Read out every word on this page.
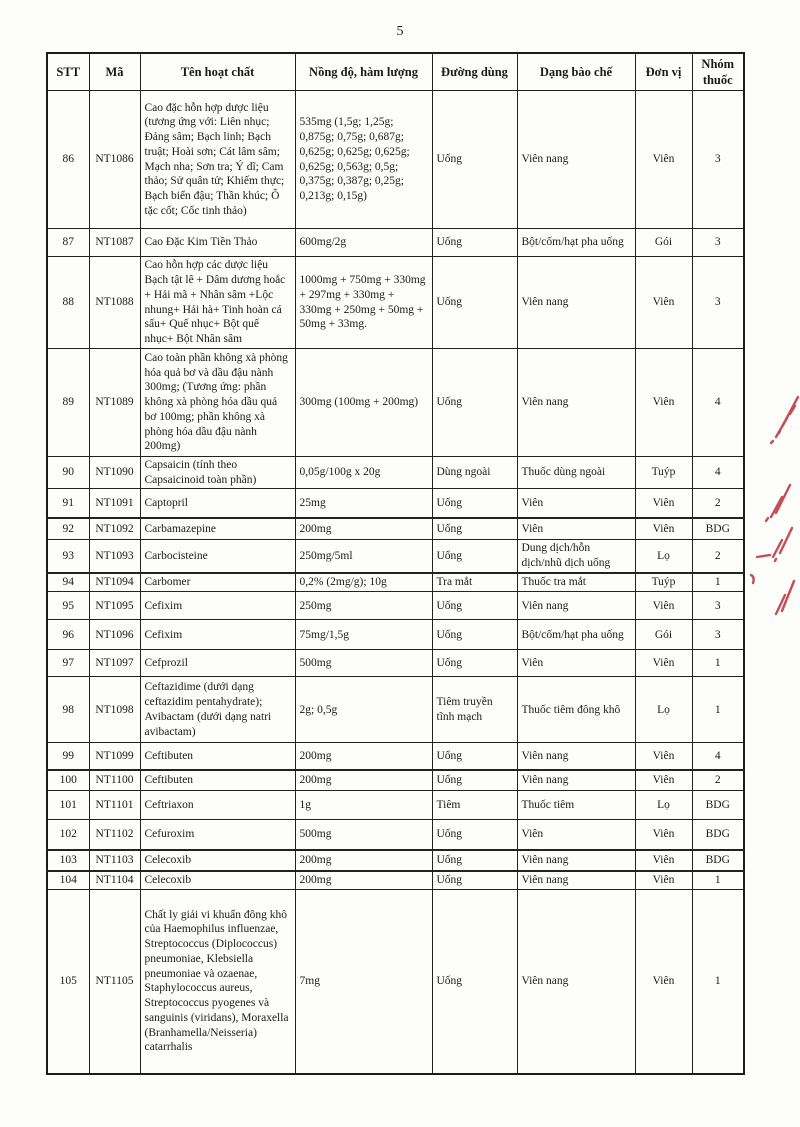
5
STT	Mã	Tên hoạt chất	Nồng độ, hàm lượng	Đường dùng	Dạng bào chế	Đơn vị	Nhóm thuốc
86	NT1086	Cao đặc hỗn hợp dược liệu (tương ứng với: Liên nhục; Đảng sâm; Bạch linh; Bạch truật; Hoài sơn; Cát lâm sâm; Mạch nha; Sơn tra; Ý dĩ; Cam thảo; Sử quân tử; Khiếm thực; Bạch biển đậu; Thần khúc; Ô tặc cốt; Cốc tinh thảo)	535mg (1,5g; 1,25g; 0,875g; 0,75g; 0,687g; 0,625g; 0,625g; 0,625g; 0,625g; 0,563g; 0,5g; 0,375g; 0,387g; 0,25g; 0,213g; 0,15g)	Uống	Viên nang	Viên	3
87	NT1087	Cao Đặc Kim Tiền Thảo	600mg/2g	Uống	Bột/cốm/hạt pha uống	Gói	3
88	NT1088	Cao hỗn hợp các dược liệu Bạch tật lê + Dâm dương hoắc + Hải mã + Nhân sâm +Lộc nhung+ Hải hà+ Tinh hoàn cá sấu+ Quế nhục+ Bột quế nhục+ Bột Nhân sâm	1000mg + 750mg + 330mg + 297mg + 330mg + 330mg + 250mg + 50mg + 50mg + 33mg.	Uống	Viên nang	Viên	3
89	NT1089	Cao toàn phần không xà phòng hóa quả bơ và dầu đậu nành 300mg; (Tương ứng: phần không xà phòng hóa dầu quả bơ 100mg; phần không xà phòng hóa dầu đậu nành 200mg)	300mg (100mg + 200mg)	Uống	Viên nang	Viên	4
90	NT1090	Capsaicin (tính theo Capsaicinoid toàn phần)	0,05g/100g x 20g	Dùng ngoài	Thuốc dùng ngoài	Tuýp	4
91	NT1091	Captopril	25mg	Uống	Viên	Viên	2
92	NT1092	Carbamazepine	200mg	Uống	Viên	Viên	BDG
93	NT1093	Carbocisteine	250mg/5ml	Uống	Dung dịch/hỗn dịch/nhũ dịch uống	Lọ	2
94	NT1094	Carbomer	0,2% (2mg/g); 10g	Tra mắt	Thuốc tra mắt	Tuýp	1
95	NT1095	Cefixim	250mg	Uống	Viên nang	Viên	3
96	NT1096	Cefixim	75mg/1,5g	Uống	Bột/cốm/hạt pha uống	Gói	3
97	NT1097	Cefprozil	500mg	Uống	Viên	Viên	1
98	NT1098	Ceftazidime (dưới dạng ceftazidim pentahydrate); Avibactam (dưới dạng natri avibactam)	2g; 0,5g	Tiêm truyền tĩnh mạch	Thuốc tiêm đông khô	Lọ	1
99	NT1099	Ceftibuten	200mg	Uống	Viên nang	Viên	4
100	NT1100	Ceftibuten	200mg	Uống	Viên nang	Viên	2
101	NT1101	Ceftriaxon	1g	Tiêm	Thuốc tiêm	Lọ	BDG
102	NT1102	Cefuroxim	500mg	Uống	Viên	Viên	BDG
103	NT1103	Celecoxib	200mg	Uống	Viên nang	Viên	BDG
104	NT1104	Celecoxib	200mg	Uống	Viên nang	Viên	1
105	NT1105	Chất ly giải vi khuẩn đông khô của Haemophilus influenzae, Streptococcus (Diplococcus) pneumoniae, Klebsiella pneumoniae và ozaenae, Staphylococcus aureus, Streptococcus pyogenes và sanguinis (viridans), Moraxella (Branhamella/Neisseria) catarrhalis	7mg	Uống	Viên nang	Viên	1
